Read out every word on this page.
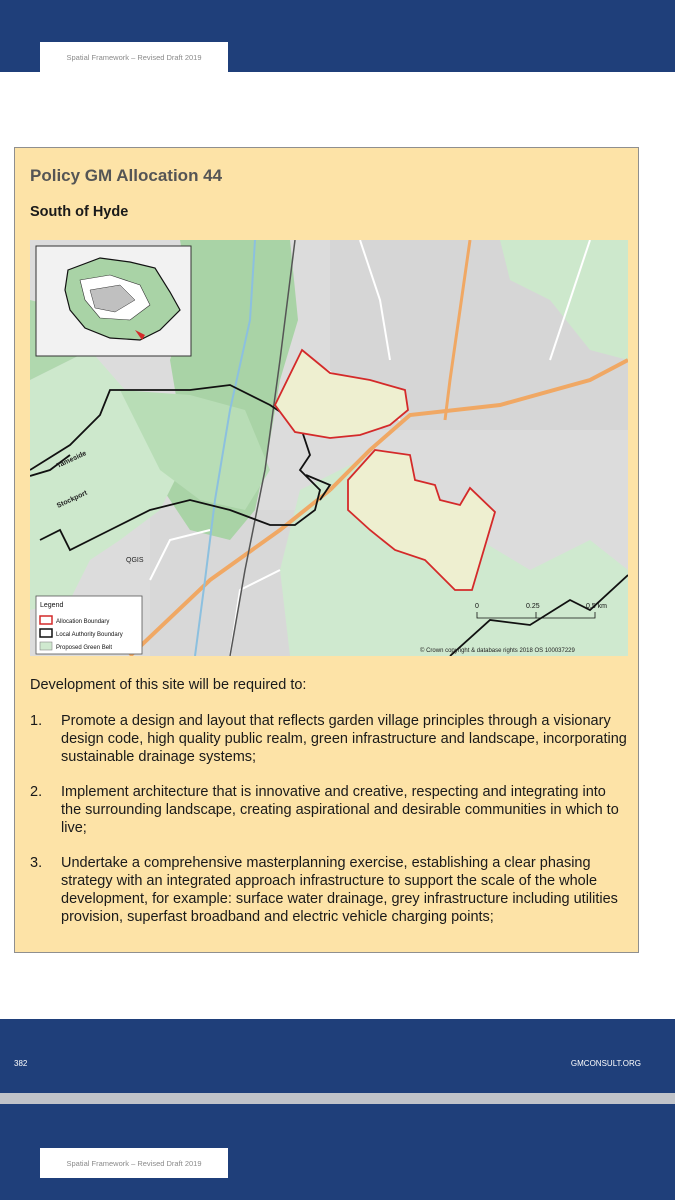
Spatial Framework – Revised Draft 2019
Policy GM Allocation 44
South of Hyde
Tameside
Stockport
QGIS
Legend
Allocation Boundary
Local Authority Boundary
Proposed Green Belt
0	0.25	0.5 km
© Crown copyright & database rights 2018 OS 100037229
Development of this site will be required to:
1. Promote a design and layout that reflects garden village principles through a visionary design code, high quality public realm, green infrastructure and landscape, incorporating sustainable drainage systems;
2. Implement architecture that is innovative and creative, respecting and integrating into the surrounding landscape, creating aspirational and desirable communities in which to live;
3. Undertake a comprehensive masterplanning exercise, establishing a clear phasing strategy with an integrated approach infrastructure to support the scale of the whole development, for example: surface water drainage, grey infrastructure including utilities provision, superfast broadband and electric vehicle charging points;
382	GMCONSULT.ORG
Spatial Framework – Revised Draft 2019
